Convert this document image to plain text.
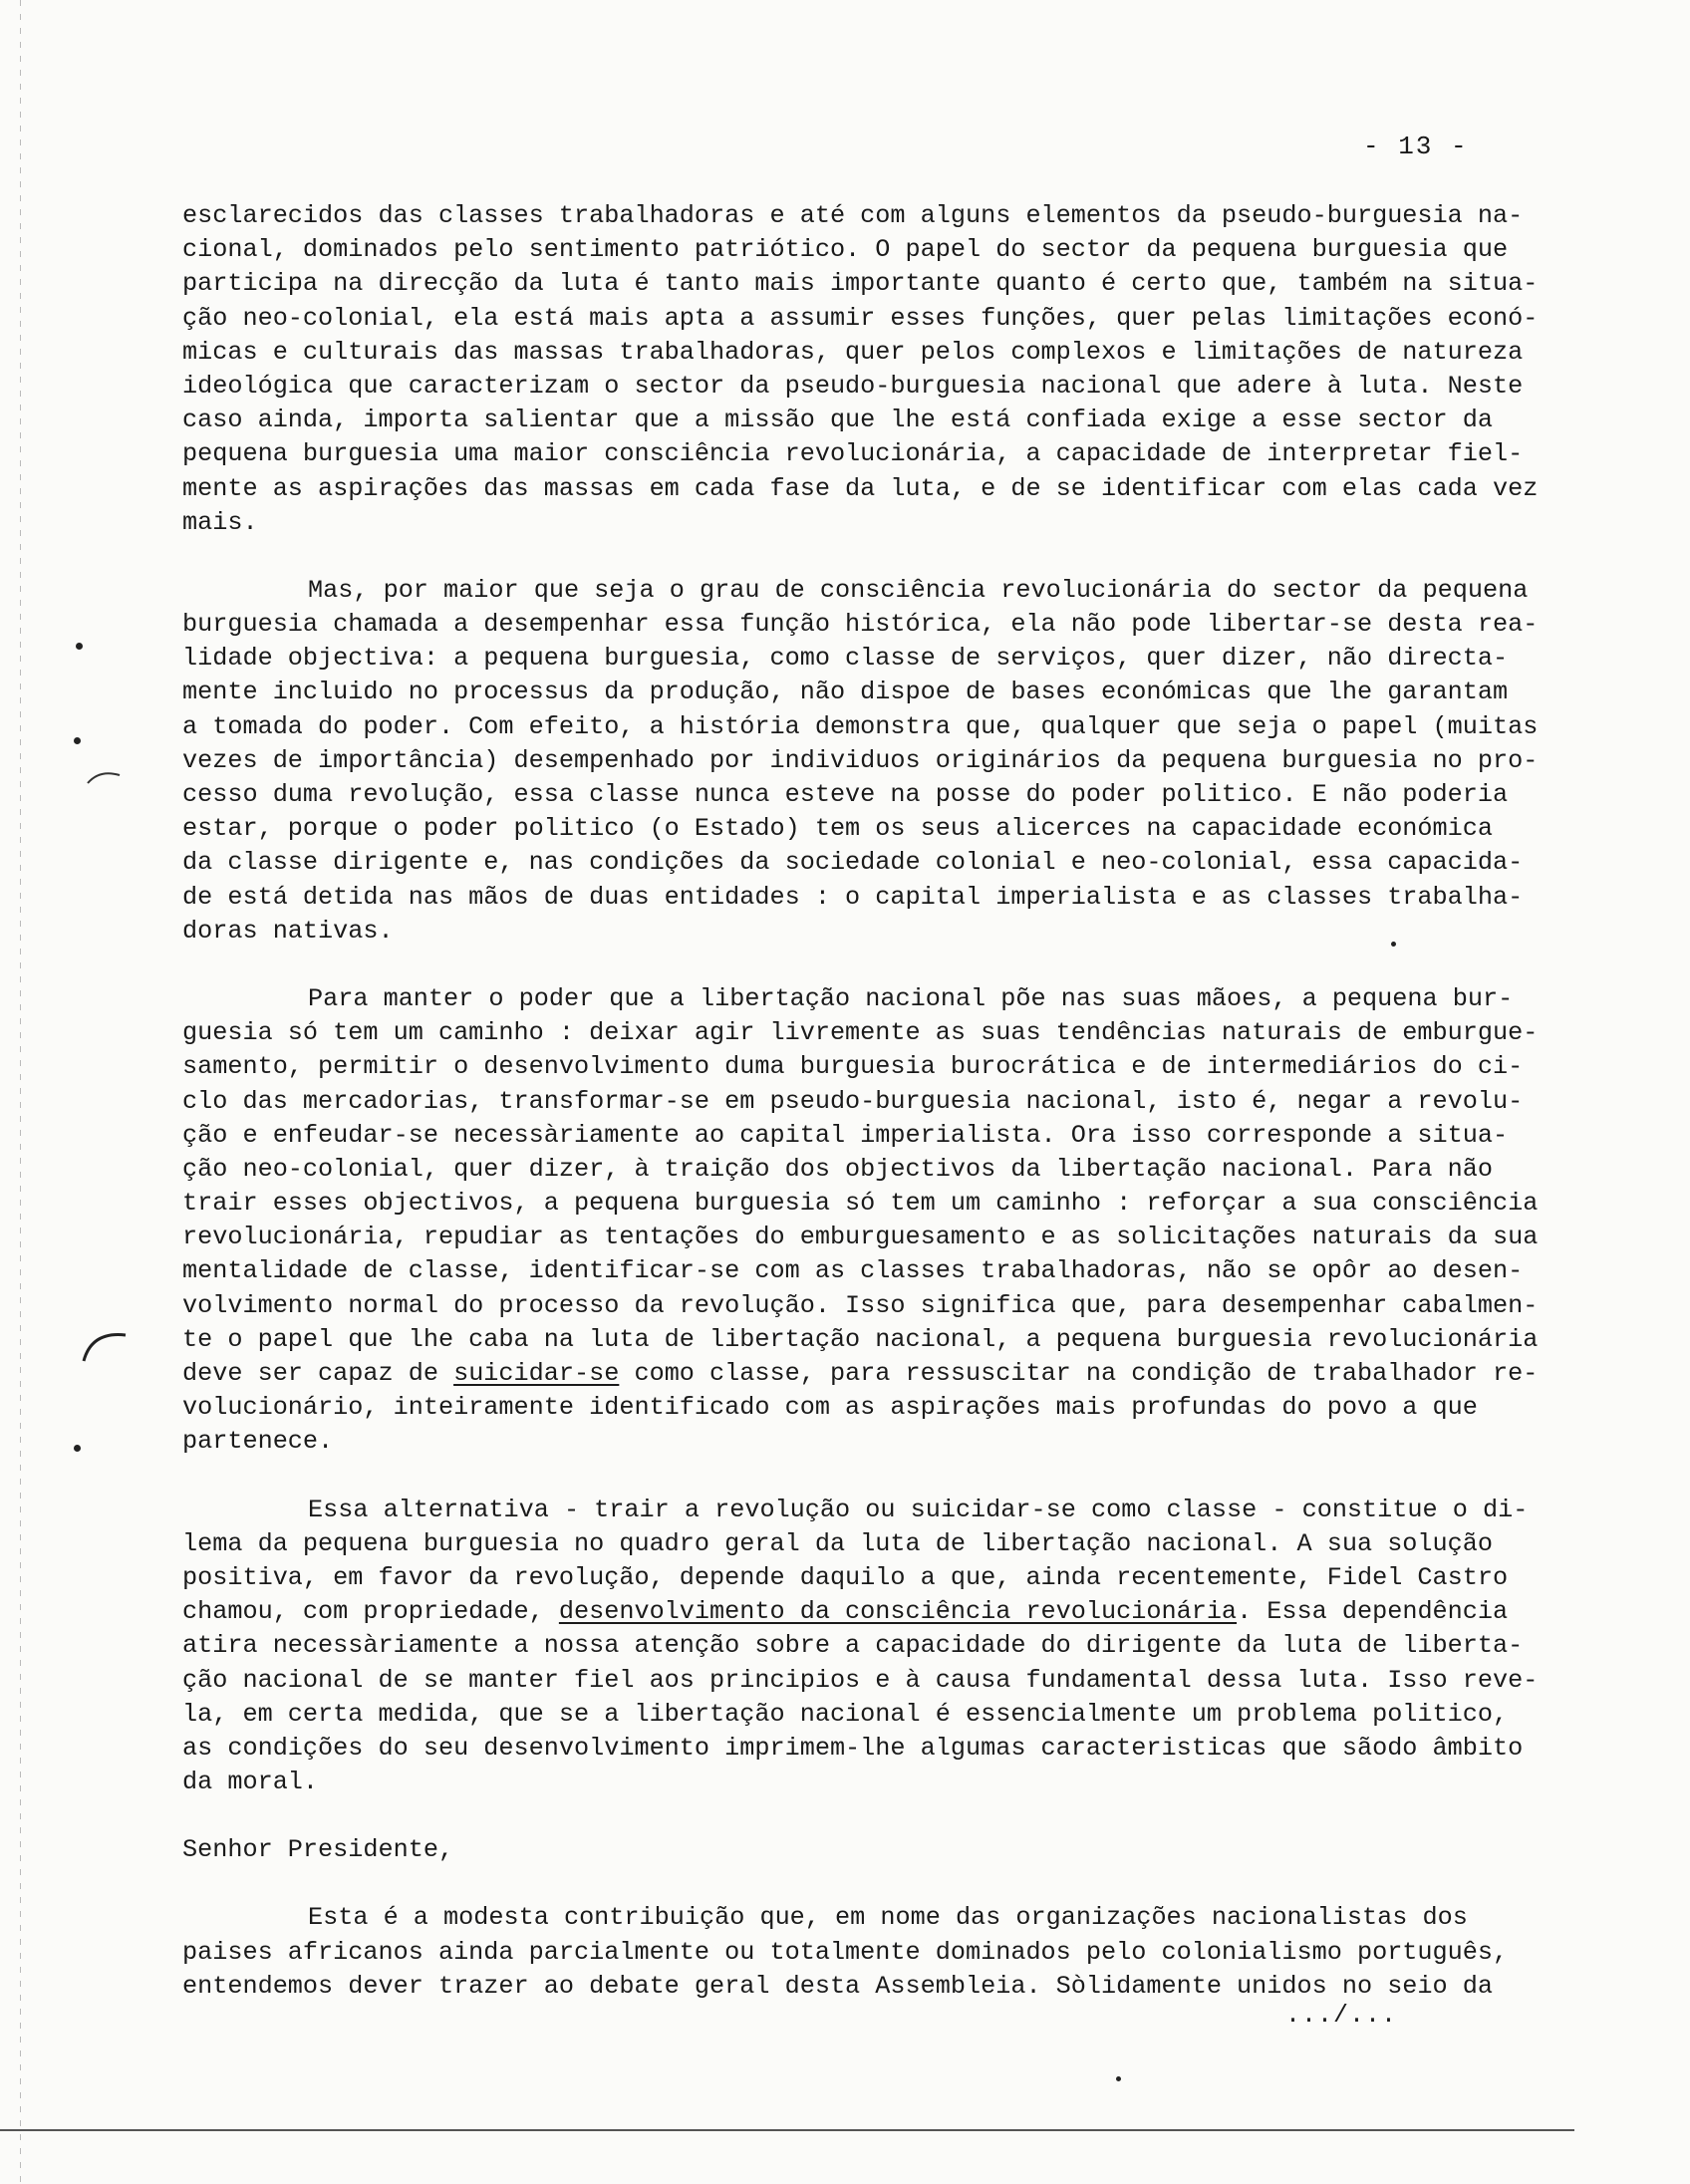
- 13 -
esclarecidos das classes trabalhadoras e até com alguns elementos da pseudo-burguesia na-
cional, dominados pelo sentimento patriótico. O papel do sector da pequena burguesia que
participa na direcção da luta é tanto mais importante quanto é certo que, também na situa-
ção neo-colonial, ela está mais apta a assumir esses funções, quer pelas limitações econó-
micas e culturais das massas trabalhadoras, quer pelos complexos e limitações de natureza
ideológica que caracterizam o sector da pseudo-burguesia nacional que adere à luta. Neste
caso ainda, importa salientar que a missão que lhe está confiada exige a esse sector da
pequena burguesia uma maior consciência revolucionária, a capacidade de interpretar fiel-
mente as aspirações das massas em cada fase da luta, e de se identificar com elas cada vez
mais.
Mas, por maior que seja o grau de consciência revolucionária do sector da pequena
burguesia chamada a desempenhar essa função histórica, ela não pode libertar-se desta rea-
lidade objectiva: a pequena burguesia, como classe de serviços, quer dizer, não directa-
mente incluido no processus da produção, não dispoe de bases económicas que lhe garantam
a tomada do poder. Com efeito, a história demonstra que, qualquer que seja o papel (muitas
vezes de importância) desempenhado por individuos originários da pequena burguesia no pro-
cesso duma revolução, essa classe nunca esteve na posse do poder politico. E não poderia
estar, porque o poder politico (o Estado) tem os seus alicerces na capacidade económica
da classe dirigente e, nas condições da sociedade colonial e neo-colonial, essa capacida-
de está detida nas mãos de duas entidades : o capital imperialista e as classes trabalha-
doras nativas.
Para manter o poder que a libertação nacional põe nas suas mãoes, a pequena bur-
guesia só tem um caminho : deixar agir livremente as suas tendências naturais de emburgue-
samento, permitir o desenvolvimento duma burguesia burocrática e de intermediários do ci-
clo das mercadorias, transformar-se em pseudo-burguesia nacional, isto é, negar a revolu-
ção e enfeudar-se necessàriamente ao capital imperialista. Ora isso corresponde a situa-
ção neo-colonial, quer dizer, à traição dos objectivos da libertação nacional. Para não
trair esses objectivos, a pequena burguesia só tem um caminho : reforçar a sua consciência
revolucionária, repudiar as tentações do emburguesamento e as solicitações naturais da sua
mentalidade de classe, identificar-se com as classes trabalhadoras, não se opôr ao desen-
volvimento normal do processo da revolução. Isso significa que, para desempenhar cabalmen-
te o papel que lhe caba na luta de libertação nacional, a pequena burguesia revolucionária
deve ser capaz de suicidar-se como classe, para ressuscitar na condição de trabalhador re-
volucionário, inteiramente identificado com as aspirações mais profundas do povo a que
partenece.
Essa alternativa - trair a revolução ou suicidar-se como classe - constitue o di-
lema da pequena burguesia no quadro geral da luta de libertação nacional. A sua solução
positiva, em favor da revolução, depende daquilo a que, ainda recentemente, Fidel Castro
chamou, com propriedade, desenvolvimento da consciência revolucionária. Essa dependência
atira necessàriamente a nossa atenção sobre a capacidade do dirigente da luta de liberta-
ção nacional de se manter fiel aos principios e à causa fundamental dessa luta. Isso reve-
la, em certa medida, que se a libertação nacional é essencialmente um problema politico,
as condições do seu desenvolvimento imprimem-lhe algumas caracteristicas que sãodo âmbito
da moral.
Senhor Presidente,
Esta é a modesta contribuição que, em nome das organizações nacionalistas dos
paises africanos ainda parcialmente ou totalmente dominados pelo colonialismo português,
entendemos dever trazer ao debate geral desta Assembleia. Sòlidamente unidos no seio da
.../...
